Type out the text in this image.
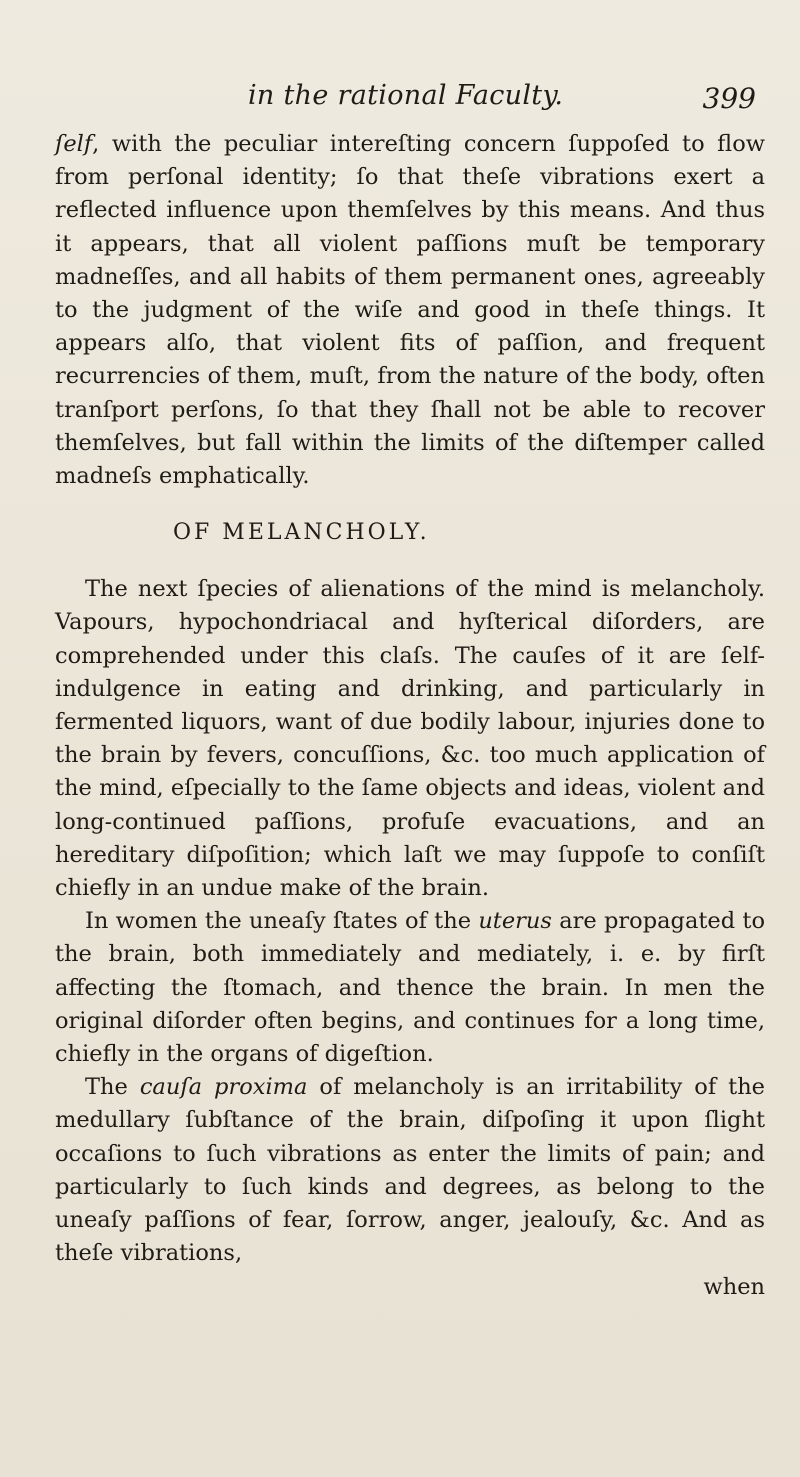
in the rational Faculty.	399

ſelf, with the peculiar intereſting concern ſuppoſed to flow from perſonal identity; ſo that theſe vibrations exert a reflected influence upon themſelves by this means. And thus it appears, that all violent paſſions muſt be temporary madneſſes, and all habits of them permanent ones, agreeably to the judgment of the wiſe and good in theſe things. It appears alſo, that violent fits of paſſion, and frequent recurrencies of them, muſt, from the nature of the body, often tranſport perſons, ſo that they ſhall not be able to recover themſelves, but fall within the limits of the diſtemper called madneſs emphatically.

OF MELANCHOLY.

The next ſpecies of alienations of the mind is melancholy. Vapours, hypochondriacal and hyſterical diſorders, are comprehended under this claſs. The cauſes of it are ſelf-indulgence in eating and drinking, and particularly in fermented liquors, want of due bodily labour, injuries done to the brain by fevers, concuſſions, &c. too much application of the mind, eſpecially to the ſame objects and ideas, violent and long-continued paſſions, profuſe evacuations, and an hereditary diſpoſition; which laſt we may ſuppoſe to conſiſt chiefly in an undue make of the brain.

In women the uneaſy ſtates of the uterus are propagated to the brain, both immediately and mediately, i. e. by firſt affecting the ſtomach, and thence the brain. In men the original diſorder often begins, and continues for a long time, chiefly in the organs of digeſtion.

The cauſa proxima of melancholy is an irritability of the medullary ſubſtance of the brain, diſpoſing it upon ſlight occaſions to ſuch vibrations as enter the limits of pain; and particularly to ſuch kinds and degrees, as belong to the uneaſy paſſions of fear, ſorrow, anger, jealouſy, &c. And as theſe vibrations,

when
